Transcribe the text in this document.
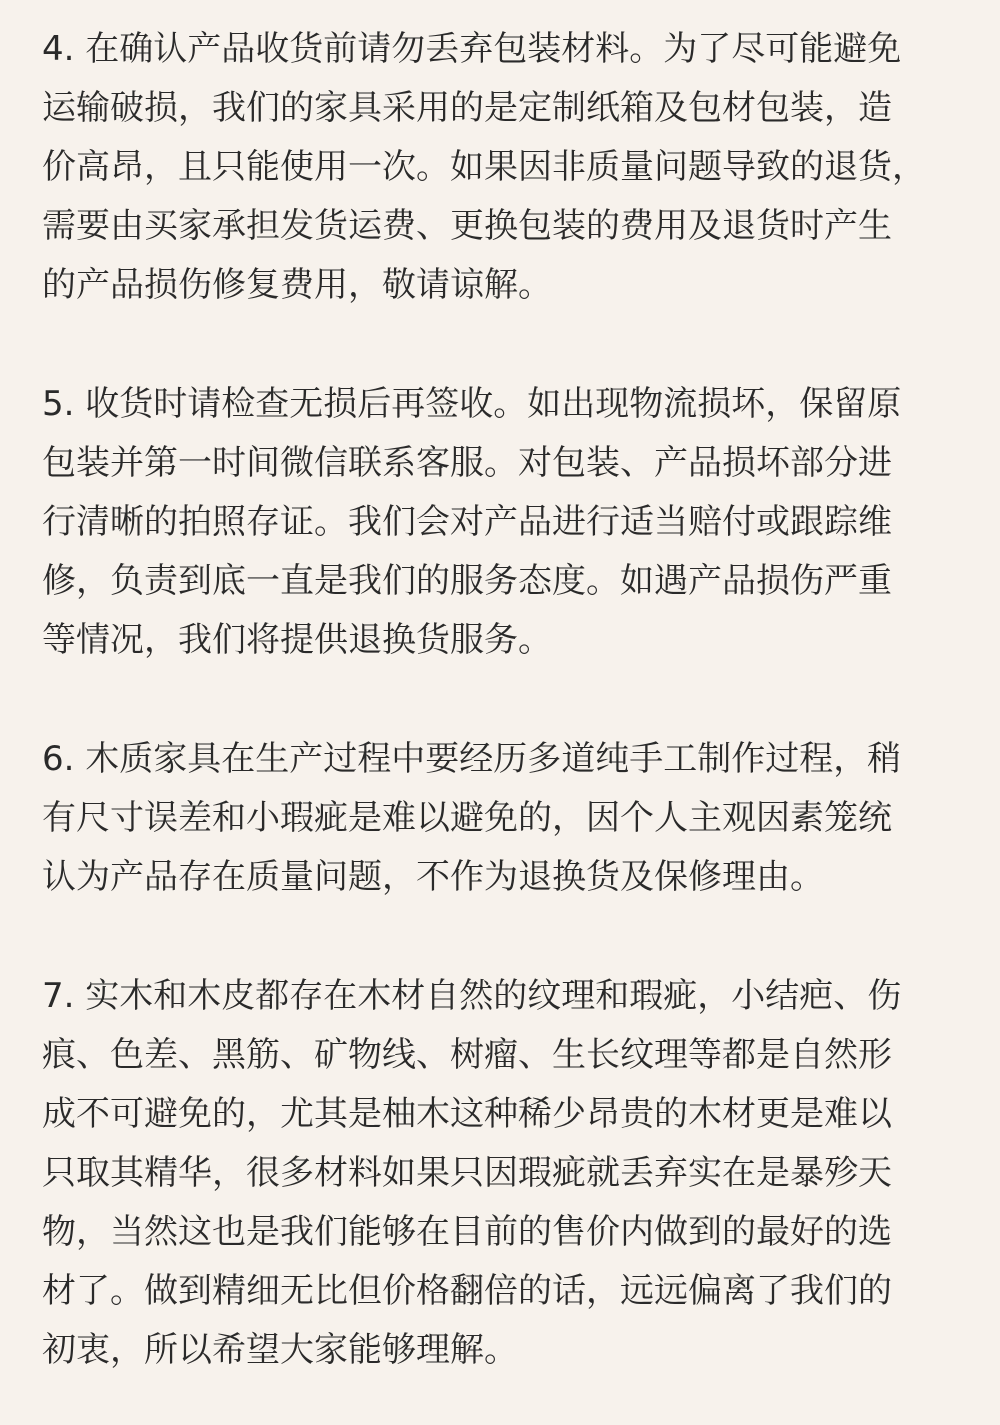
4. 在确认产品收货前请勿丢弃包装材料。为了尽可能避免
运输破损，我们的家具采用的是定制纸箱及包材包装，造
价高昂，且只能使用一次。如果因非质量问题导致的退货，
需要由买家承担发货运费、更换包装的费用及退货时产生
的产品损伤修复费用，敬请谅解。
5. 收货时请检查无损后再签收。如出现物流损坏，保留原
包装并第一时间微信联系客服。对包装、产品损坏部分进
行清晰的拍照存证。我们会对产品进行适当赔付或跟踪维
修，负责到底一直是我们的服务态度。如遇产品损伤严重
等情况，我们将提供退换货服务。
6. 木质家具在生产过程中要经历多道纯手工制作过程，稍
有尺寸误差和小瑕疵是难以避免的，因个人主观因素笼统
认为产品存在质量问题，不作为退换货及保修理由。
7. 实木和木皮都存在木材自然的纹理和瑕疵，小结疤、伤
痕、色差、黑筋、矿物线、树瘤、生长纹理等都是自然形
成不可避免的，尤其是柚木这种稀少昂贵的木材更是难以
只取其精华，很多材料如果只因瑕疵就丢弃实在是暴殄天
物，当然这也是我们能够在目前的售价内做到的最好的选
材了。做到精细无比但价格翻倍的话，远远偏离了我们的
初衷，所以希望大家能够理解。
